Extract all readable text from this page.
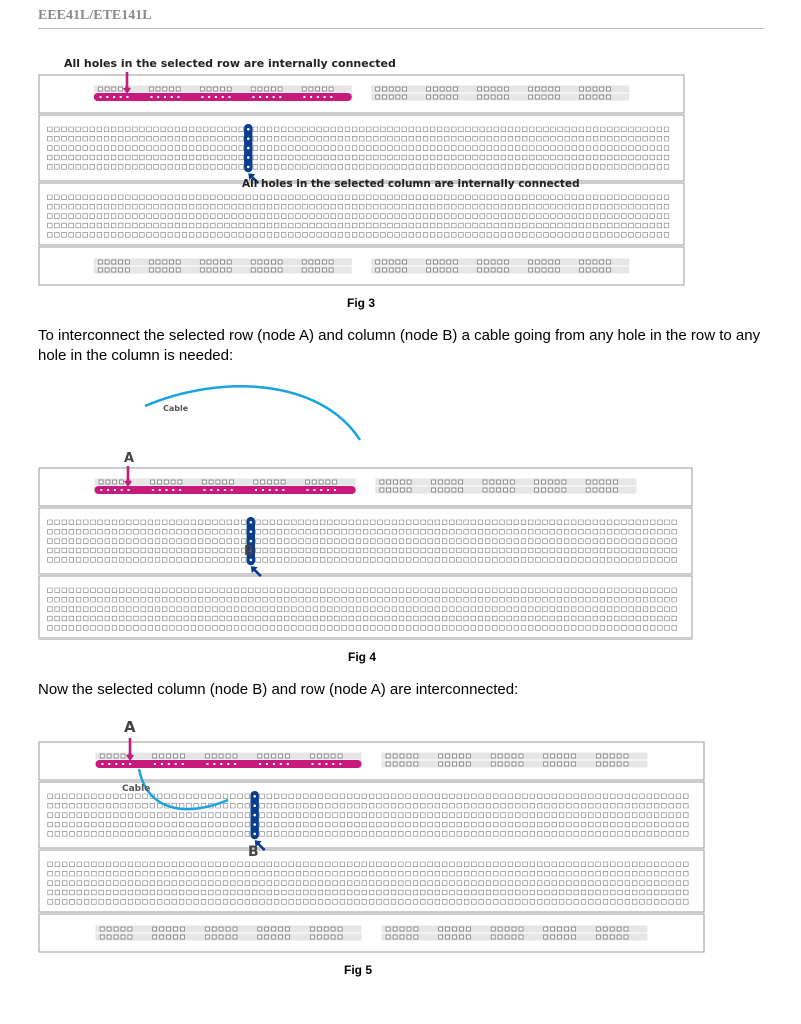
EEE41L/ETE141L
All holes in the selected row are internally connected
All holes in the selected column are internally connected
Fig 3
To interconnect the selected row (node A) and column (node B) a cable going from any hole in the row to any hole in the column is needed:
Cable
A
B
Fig 4
Now the selected column (node B) and row (node A) are interconnected:
A
Cable
B
Fig 5
